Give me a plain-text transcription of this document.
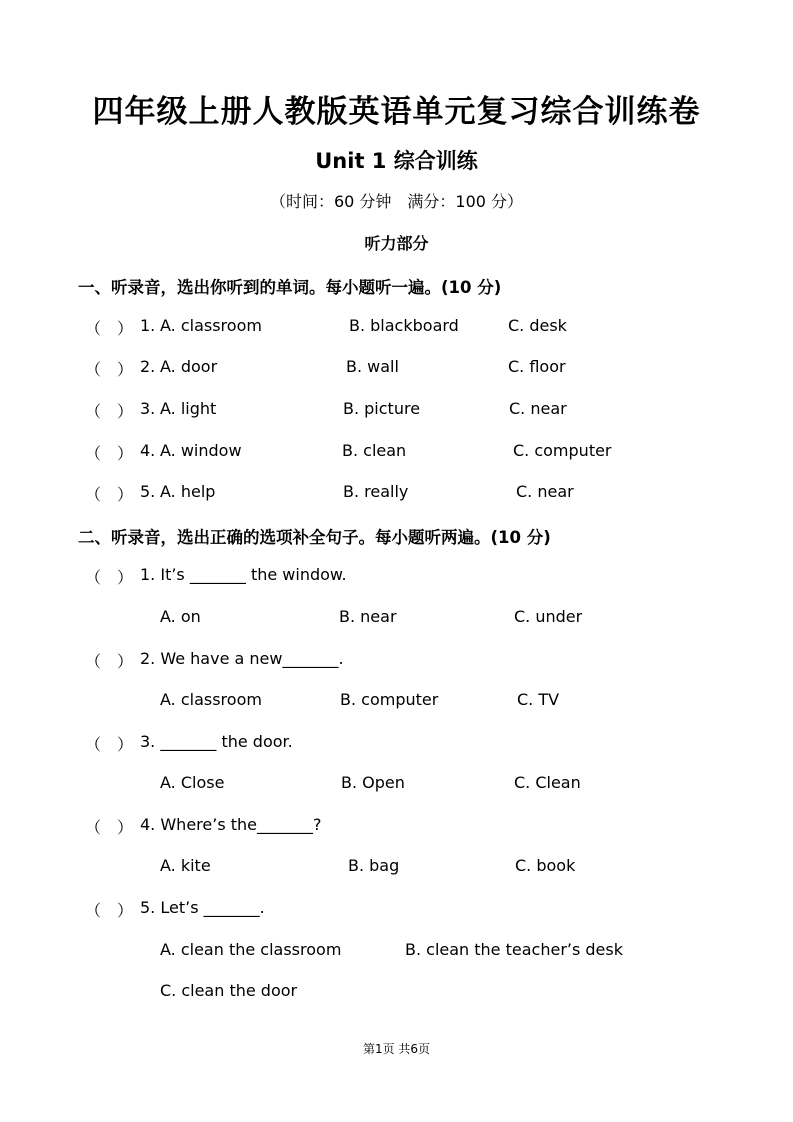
四年级上册人教版英语单元复习综合训练卷
Unit 1 综合训练
（时间：60 分钟　满分：100 分）
听力部分
一、听录音，选出你听到的单词。每小题听一遍。(10 分)
（　） 1. A. classroom	B. blackboard	C. desk
（　） 2. A. door	B. wall	C. floor
（　） 3. A. light	B. picture	C. near
（　） 4. A. window	B. clean	C. computer
（　） 5. A. help	B. really	C. near
二、听录音，选出正确的选项补全句子。每小题听两遍。(10 分)
（　） 1. It’s _______ the window.
A. on	B. near	C. under
（　） 2. We have a new_______.
A. classroom	B. computer	C. TV
（　） 3. _______ the door.
A. Close	B. Open	C. Clean
（　） 4. Where’s the_______?
A. kite	B. bag	C. book
（　） 5. Let’s _______.
A. clean the classroom	B. clean the teacher’s desk
C. clean the door
第1页 共6页
